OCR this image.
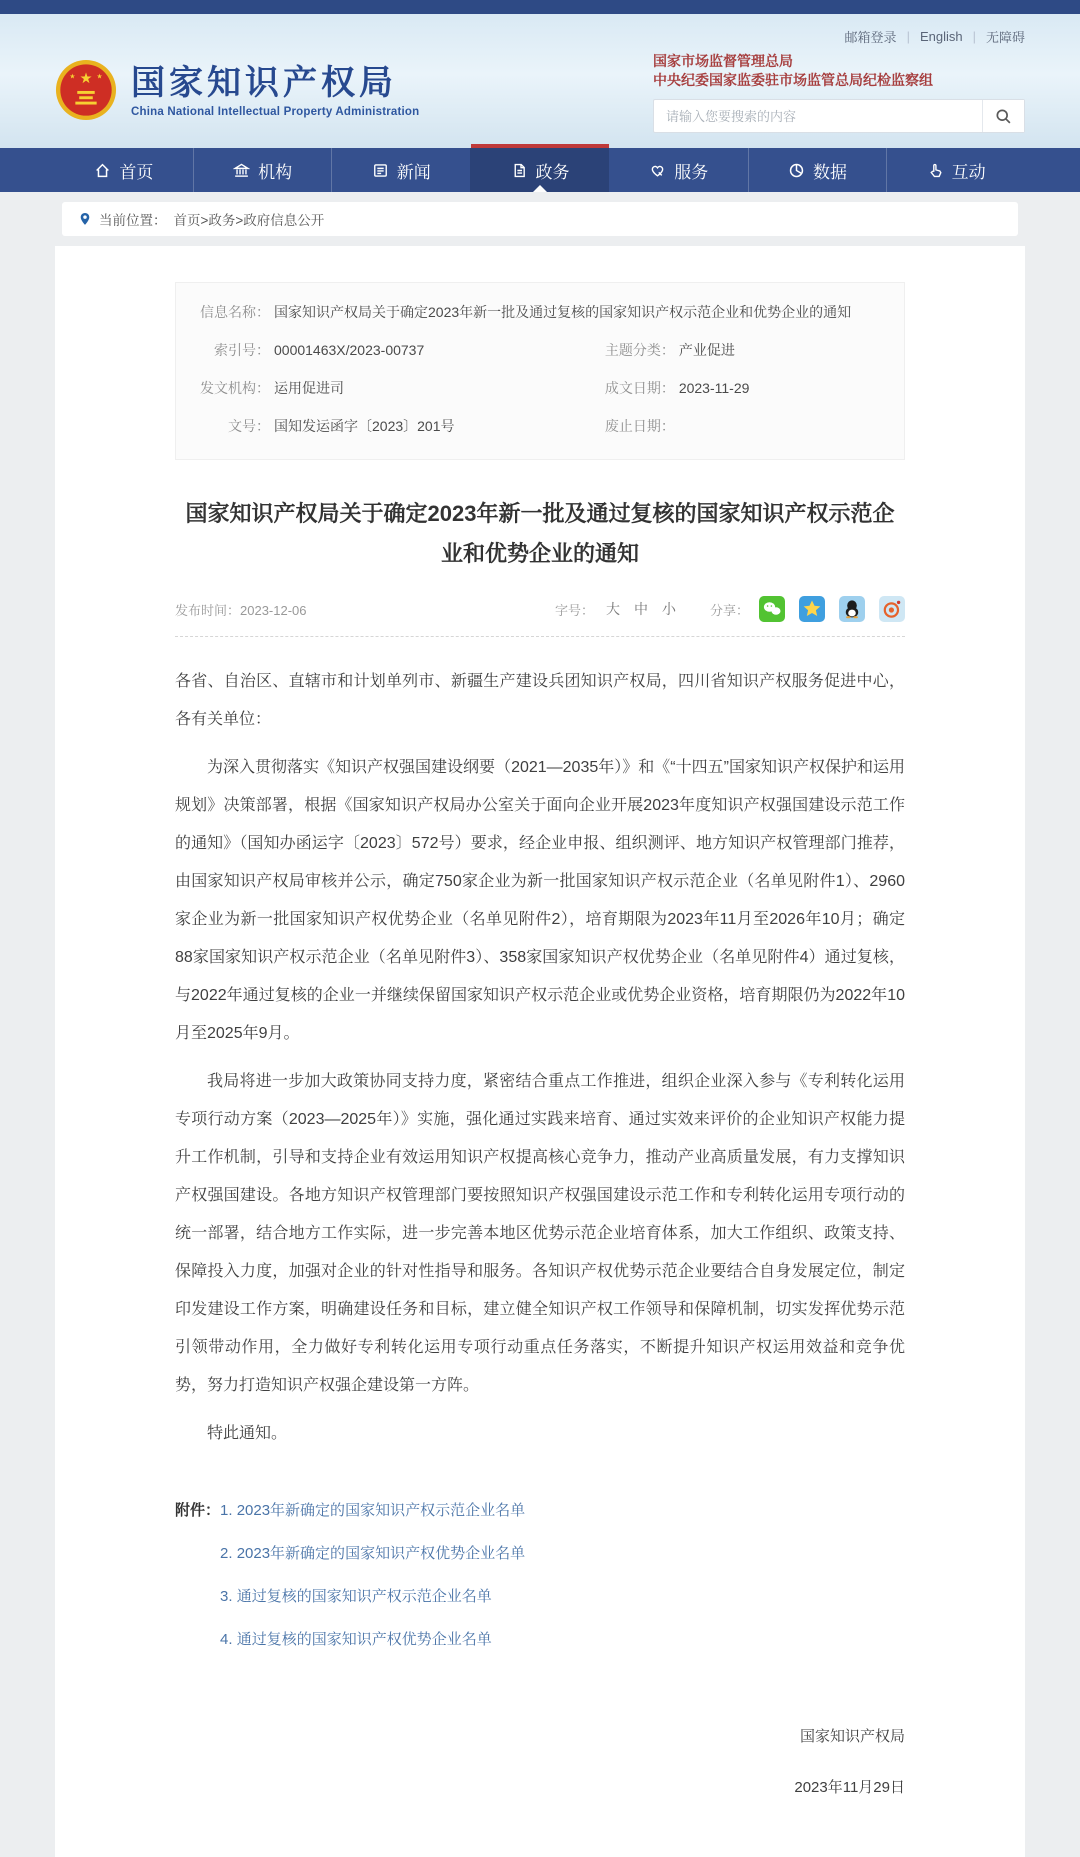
★
★	★ 国家知识产权局
China National Intellectual Property Administration
邮箱登录 | English | 无障碍
国家市场监督管理总局
中央纪委国家监委驻市场监管总局纪检监察组
请输入您要搜索的内容
首页	机构	新闻	政务	服务	数据	互动
当前位置： 首页>政务>政府信息公开
信息名称： 国家知识产权局关于确定2023年新一批及通过复核的国家知识产权示范企业和优势企业的通知
索引号： 00001463X/2023-00737	主题分类： 产业促进
发文机构： 运用促进司	成文日期： 2023-11-29
文号： 国知发运函字〔2023〕201号	废止日期：
国家知识产权局关于确定2023年新一批及通过复核的国家知识产权示范企业和优势企业的通知
发布时间：2023-12-06	字号： 大 中 小	分享：

各省、自治区、直辖市和计划单列市、新疆生产建设兵团知识产权局，四川省知识产权服务促进中心，各有关单位：

为深入贯彻落实《知识产权强国建设纲要（2021—2035年）》和《“十四五”国家知识产权保护和运用规划》决策部署，根据《国家知识产权局办公室关于面向企业开展2023年度知识产权强国建设示范工作的通知》（国知办函运字〔2023〕572号）要求，经企业申报、组织测评、地方知识产权管理部门推荐，由国家知识产权局审核并公示，确定750家企业为新一批国家知识产权示范企业（名单见附件1）、2960家企业为新一批国家知识产权优势企业（名单见附件2），培育期限为2023年11月至2026年10月；确定88家国家知识产权示范企业（名单见附件3）、358家国家知识产权优势企业（名单见附件4）通过复核，与2022年通过复核的企业一并继续保留国家知识产权示范企业或优势企业资格，培育期限仍为2022年10月至2025年9月。

我局将进一步加大政策协同支持力度，紧密结合重点工作推进，组织企业深入参与《专利转化运用专项行动方案（2023—2025年）》实施，强化通过实践来培育、通过实效来评价的企业知识产权能力提升工作机制，引导和支持企业有效运用知识产权提高核心竞争力，推动产业高质量发展，有力支撑知识产权强国建设。各地方知识产权管理部门要按照知识产权强国建设示范工作和专利转化运用专项行动的统一部署，结合地方工作实际，进一步完善本地区优势示范企业培育体系，加大工作组织、政策支持、保障投入力度，加强对企业的针对性指导和服务。各知识产权优势示范企业要结合自身发展定位，制定印发建设工作方案，明确建设任务和目标，建立健全知识产权工作领导和保障机制，切实发挥优势示范引领带动作用，全力做好专利转化运用专项行动重点任务落实，不断提升知识产权运用效益和竞争优势，努力打造知识产权强企建设第一方阵。

特此通知。

附件： 1. 2023年新确定的国家知识产权示范企业名单
2. 2023年新确定的国家知识产权优势企业名单
3. 通过复核的国家知识产权示范企业名单
4. 通过复核的国家知识产权优势企业名单
国家知识产权局
2023年11月29日
